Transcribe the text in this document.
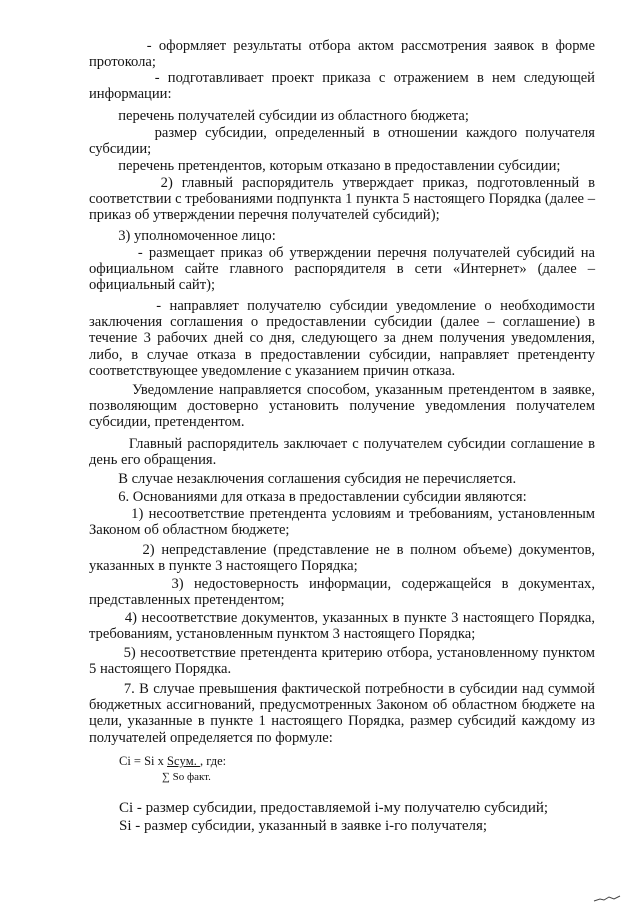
- оформляет результаты отбора актом рассмотрения заявок в форме протокола;

- подготавливает проект приказа с отражением в нем следующей информации:

перечень получателей субсидии из областного бюджета;

размер субсидии, определенный в отношении каждого получателя субсидии;

перечень претендентов, которым отказано в предоставлении субсидии;

2) главный распорядитель утверждает приказ, подготовленный в соответствии с требованиями подпункта 1 пункта 5 настоящего Порядка (далее – приказ об утверждении перечня получателей субсидий);

3) уполномоченное лицо:

- размещает приказ об утверждении перечня получателей субсидий на официальном сайте главного распорядителя в сети «Интернет» (далее – официальный сайт);

- направляет получателю субсидии уведомление о необходимости заключения соглашения о предоставлении субсидии (далее – соглашение) в течение 3 рабочих дней со дня, следующего за днем получения уведомления, либо, в случае отказа в предоставлении субсидии, направляет претенденту соответствующее уведомление с указанием причин отказа.

Уведомление направляется способом, указанным претендентом в заявке, позволяющим достоверно установить получение уведомления получателем субсидии, претендентом.

Главный распорядитель заключает с получателем субсидии соглашение в день его обращения.

В случае незаключения соглашения субсидия не перечисляется.

6. Основаниями для отказа в предоставлении субсидии являются:

1) несоответствие претендента условиям и требованиям, установленным Законом об областном бюджете;

2) непредставление (представление не в полном объеме) документов, указанных в пункте 3 настоящего Порядка;

3) недостоверность информации, содержащейся в документах, представленных претендентом;

4) несоответствие документов, указанных в пункте 3 настоящего Порядка, требованиям, установленным пунктом 3 настоящего Порядка;

5) несоответствие претендента критерию отбора, установленному пунктом 5 настоящего Порядка.

7. В случае превышения фактической потребности в субсидии над суммой бюджетных ассигнований, предусмотренных Законом об областном бюджете на цели, указанные в пункте 1 настоящего Порядка, размер субсидий каждому из получателей определяется по формуле:

Ci = Si x Scyм. , где:
∑ So факт.

Ci - размер субсидии, предоставляемой i-му получателю субсидий;

Si - размер субсидии, указанный в заявке i-го получателя;
